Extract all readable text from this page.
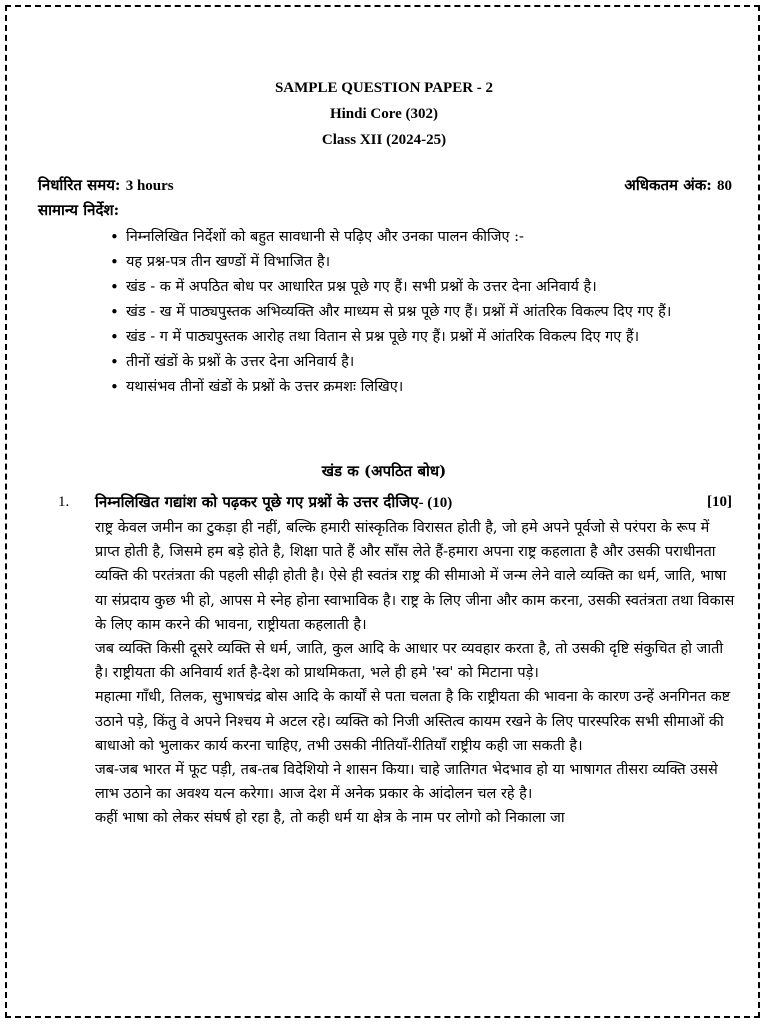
SAMPLE QUESTION PAPER - 2
Hindi Core (302)
Class XII (2024-25)
निर्धारित समय: 3 hours	अधिकतम अंक: 80
सामान्य निर्देश:
• निम्नलिखित निर्देशों को बहुत सावधानी से पढ़िए और उनका पालन कीजिए :-
• यह प्रश्न-पत्र तीन खण्डों में विभाजित है।
• खंड - क में अपठित बोध पर आधारित प्रश्न पूछे गए हैं। सभी प्रश्नों के उत्तर देना अनिवार्य है।
• खंड - ख में पाठ्यपुस्तक अभिव्यक्ति और माध्यम से प्रश्न पूछे गए हैं। प्रश्नों में आंतरिक विकल्प दिए गए हैं।
• खंड - ग में पाठ्यपुस्तक आरोह तथा वितान से प्रश्न पूछे गए हैं। प्रश्नों में आंतरिक विकल्प दिए गए हैं।
• तीनों खंडों के प्रश्नों के उत्तर देना अनिवार्य है।
• यथासंभव तीनों खंडों के प्रश्नों के उत्तर क्रमशः लिखिए।
खंड क (अपठित बोध)
1. निम्नलिखित गद्यांश को पढ़कर पूछे गए प्रश्नों के उत्तर दीजिए- (10)	[10]

राष्ट्र केवल जमीन का टुकड़ा ही नहीं, बल्कि हमारी सांस्कृतिक विरासत होती है, जो हमे अपने पूर्वजो से परंपरा के रूप में प्राप्त होती है, जिसमे हम बड़े होते है, शिक्षा पाते हैं और साँस लेते हैं-हमारा अपना राष्ट्र कहलाता है और उसकी पराधीनता व्यक्ति की परतंत्रता की पहली सीढ़ी होती है। ऐसे ही स्वतंत्र राष्ट्र की सीमाओ में जन्म लेने वाले व्यक्ति का धर्म, जाति, भाषा या संप्रदाय कुछ भी हो, आपस मे स्नेह होना स्वाभाविक है। राष्ट्र के लिए जीना और काम करना, उसकी स्वतंत्रता तथा विकास के लिए काम करने की भावना, राष्ट्रीयता कहलाती है।

जब व्यक्ति किसी दूसरे व्यक्ति से धर्म, जाति, कुल आदि के आधार पर व्यवहार करता है, तो उसकी दृष्टि संकुचित हो जाती है। राष्ट्रीयता की अनिवार्य शर्त है-देश को प्राथमिकता, भले ही हमे 'स्व' को मिटाना पड़े।

महात्मा गाँधी, तिलक, सुभाषचंद्र बोस आदि के कार्यों से पता चलता है कि राष्ट्रीयता की भावना के कारण उन्हें अनगिनत कष्ट उठाने पड़े, किंतु वे अपने निश्चय मे अटल रहे। व्यक्ति को निजी अस्तित्व कायम रखने के लिए पारस्परिक सभी सीमाओं की बाधाओ को भुलाकर कार्य करना चाहिए, तभी उसकी नीतियाँ-रीतियाँ राष्ट्रीय कही जा सकती है।

जब-जब भारत में फूट पड़ी, तब-तब विदेशियो ने शासन किया। चाहे जातिगत भेदभाव हो या भाषागत तीसरा व्यक्ति उससे लाभ उठाने का अवश्य यत्न करेगा। आज देश में अनेक प्रकार के आंदोलन चल रहे है।

कहीं भाषा को लेकर संघर्ष हो रहा है, तो कही धर्म या क्षेत्र के नाम पर लोगो को निकाला जा
